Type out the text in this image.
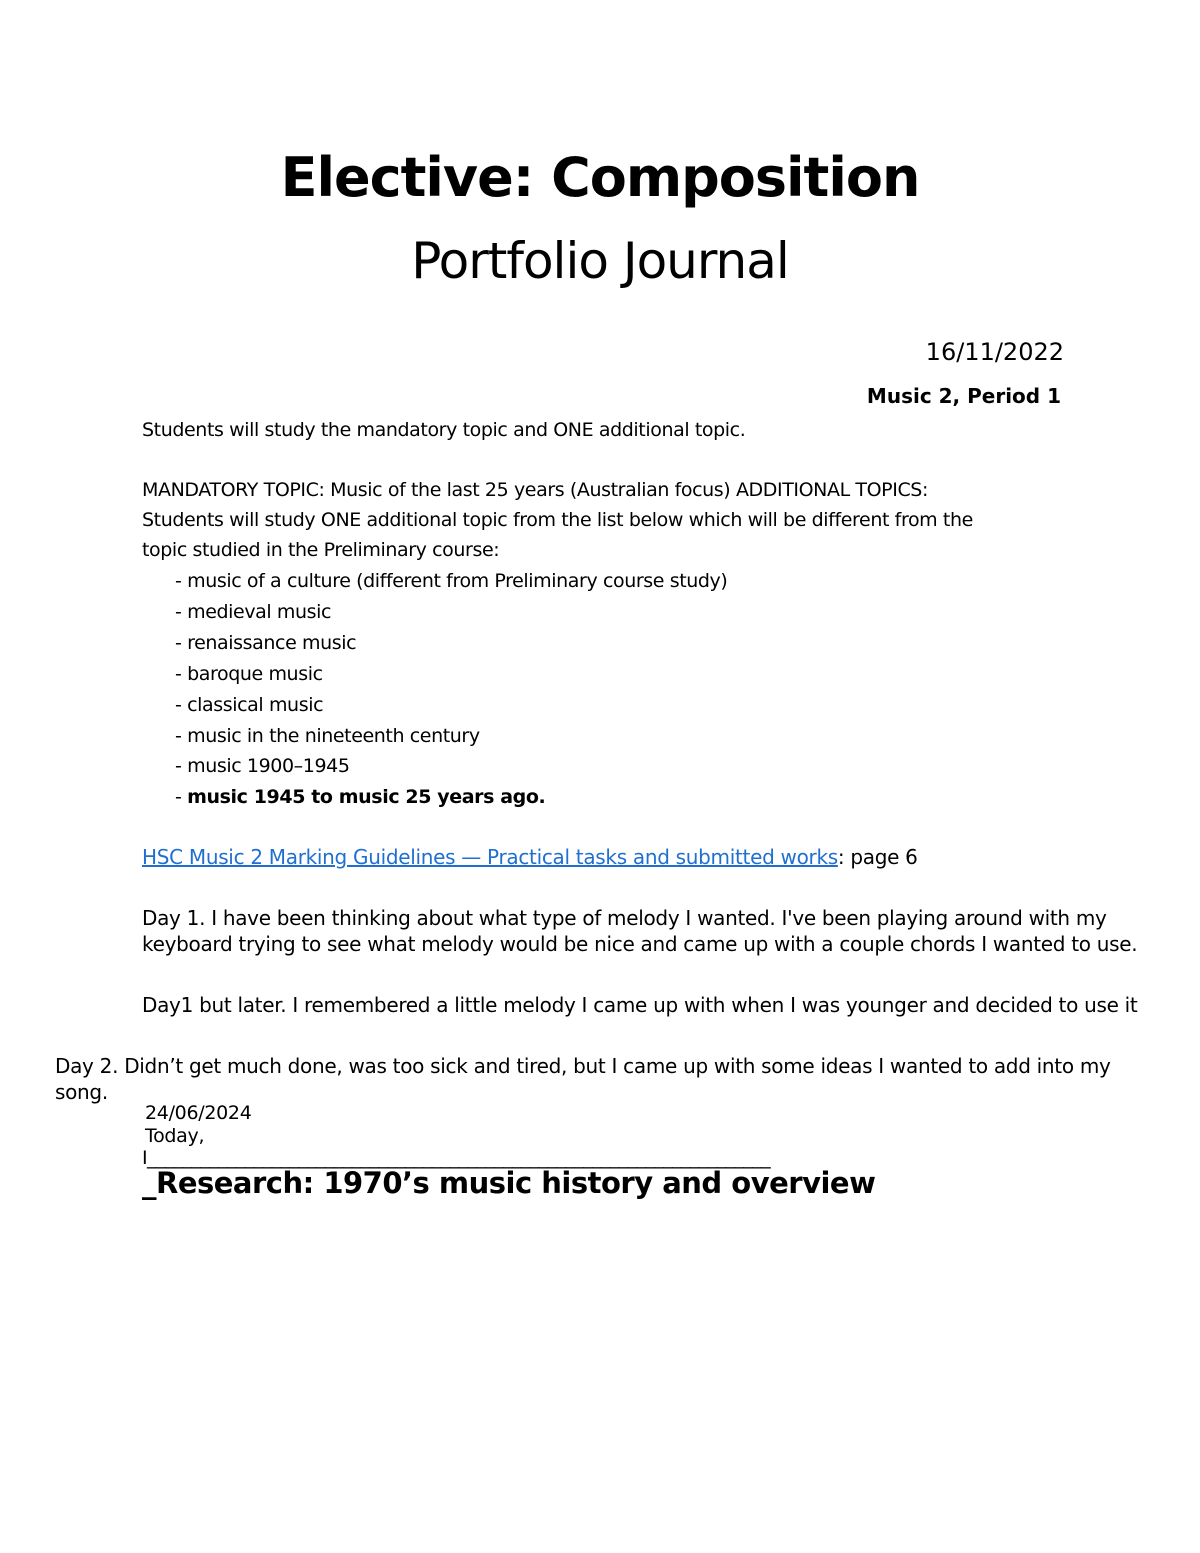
Elective: Composition
Portfolio Journal
16/11/2022
Music 2, Period 1
Students will study the mandatory topic and ONE additional topic.
MANDATORY TOPIC: Music of the last 25 years (Australian focus) ADDITIONAL TOPICS:
Students will study ONE additional topic from the list below which will be different from the
topic studied in the Preliminary course:
- music of a culture (different from Preliminary course study)
- medieval music
- renaissance music
- baroque music
- classical music
- music in the nineteenth century
- music 1900–1945
- music 1945 to music 25 years ago.
HSC Music 2 Marking Guidelines — Practical tasks and submitted works: page 6
Day 1. I have been thinking about what type of melody I wanted. I've been playing around with my
keyboard trying to see what melody would be nice and came up with a couple chords I wanted to use.
Day1 but later. I remembered a little melody I came up with when I was younger and decided to use it
Day 2. Didn’t get much done, was too sick and tired, but I came up with some ideas I wanted to add into my
song.
24/06/2024
Today,
I______________________________________________________________________
_Research: 1970’s music history and overview
